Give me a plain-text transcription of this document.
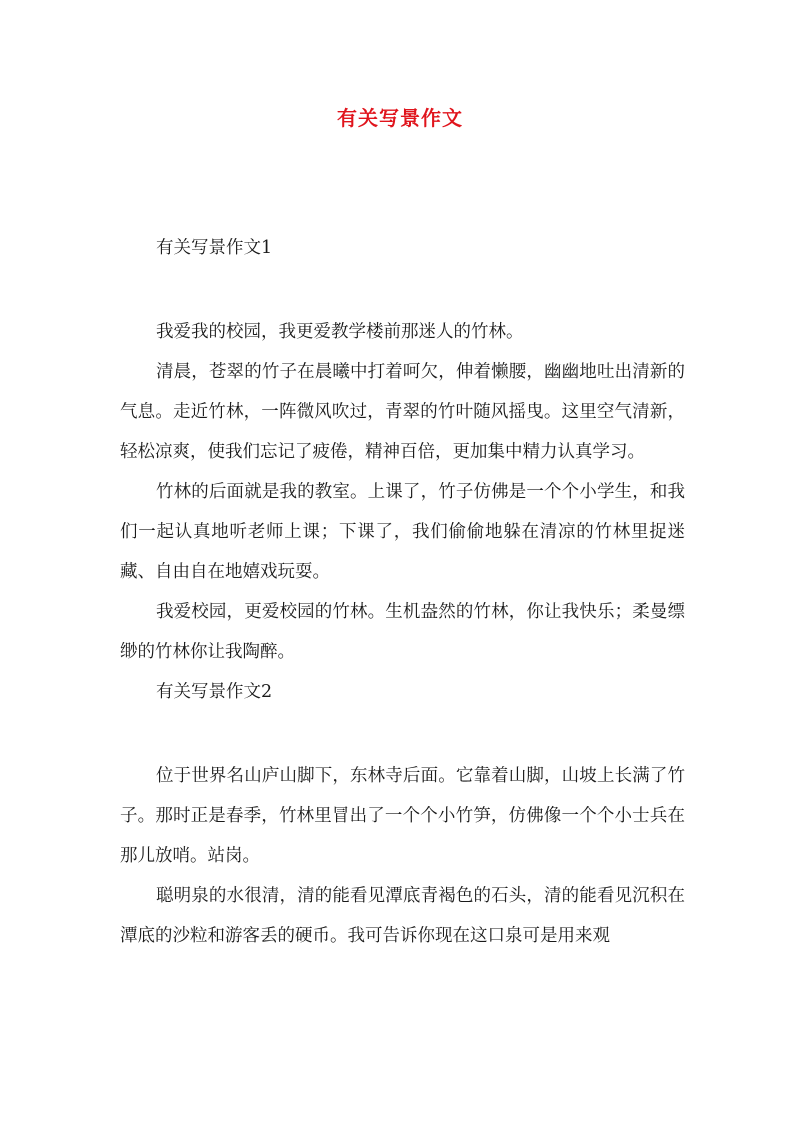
有关写景作文
有关写景作文1

我爱我的校园，我更爱教学楼前那迷人的竹林。

清晨，苍翠的竹子在晨曦中打着呵欠，伸着懒腰，幽幽地吐出清新的气息。走近竹林，一阵微风吹过，青翠的竹叶随风摇曳。这里空气清新，轻松凉爽，使我们忘记了疲倦，精神百倍，更加集中精力认真学习。

竹林的后面就是我的教室。上课了，竹子仿佛是一个个小学生，和我们一起认真地听老师上课；下课了，我们偷偷地躲在清凉的竹林里捉迷藏、自由自在地嬉戏玩耍。

我爱校园，更爱校园的竹林。生机盎然的竹林，你让我快乐；柔曼缥缈的竹林你让我陶醉。

有关写景作文2

位于世界名山庐山脚下，东林寺后面。它靠着山脚，山坡上长满了竹子。那时正是春季，竹林里冒出了一个个小竹笋，仿佛像一个个小士兵在那儿放哨。站岗。

聪明泉的水很清，清的能看见潭底青褐色的石头，清的能看见沉积在潭底的沙粒和游客丢的硬币。我可告诉你现在这口泉可是用来观
